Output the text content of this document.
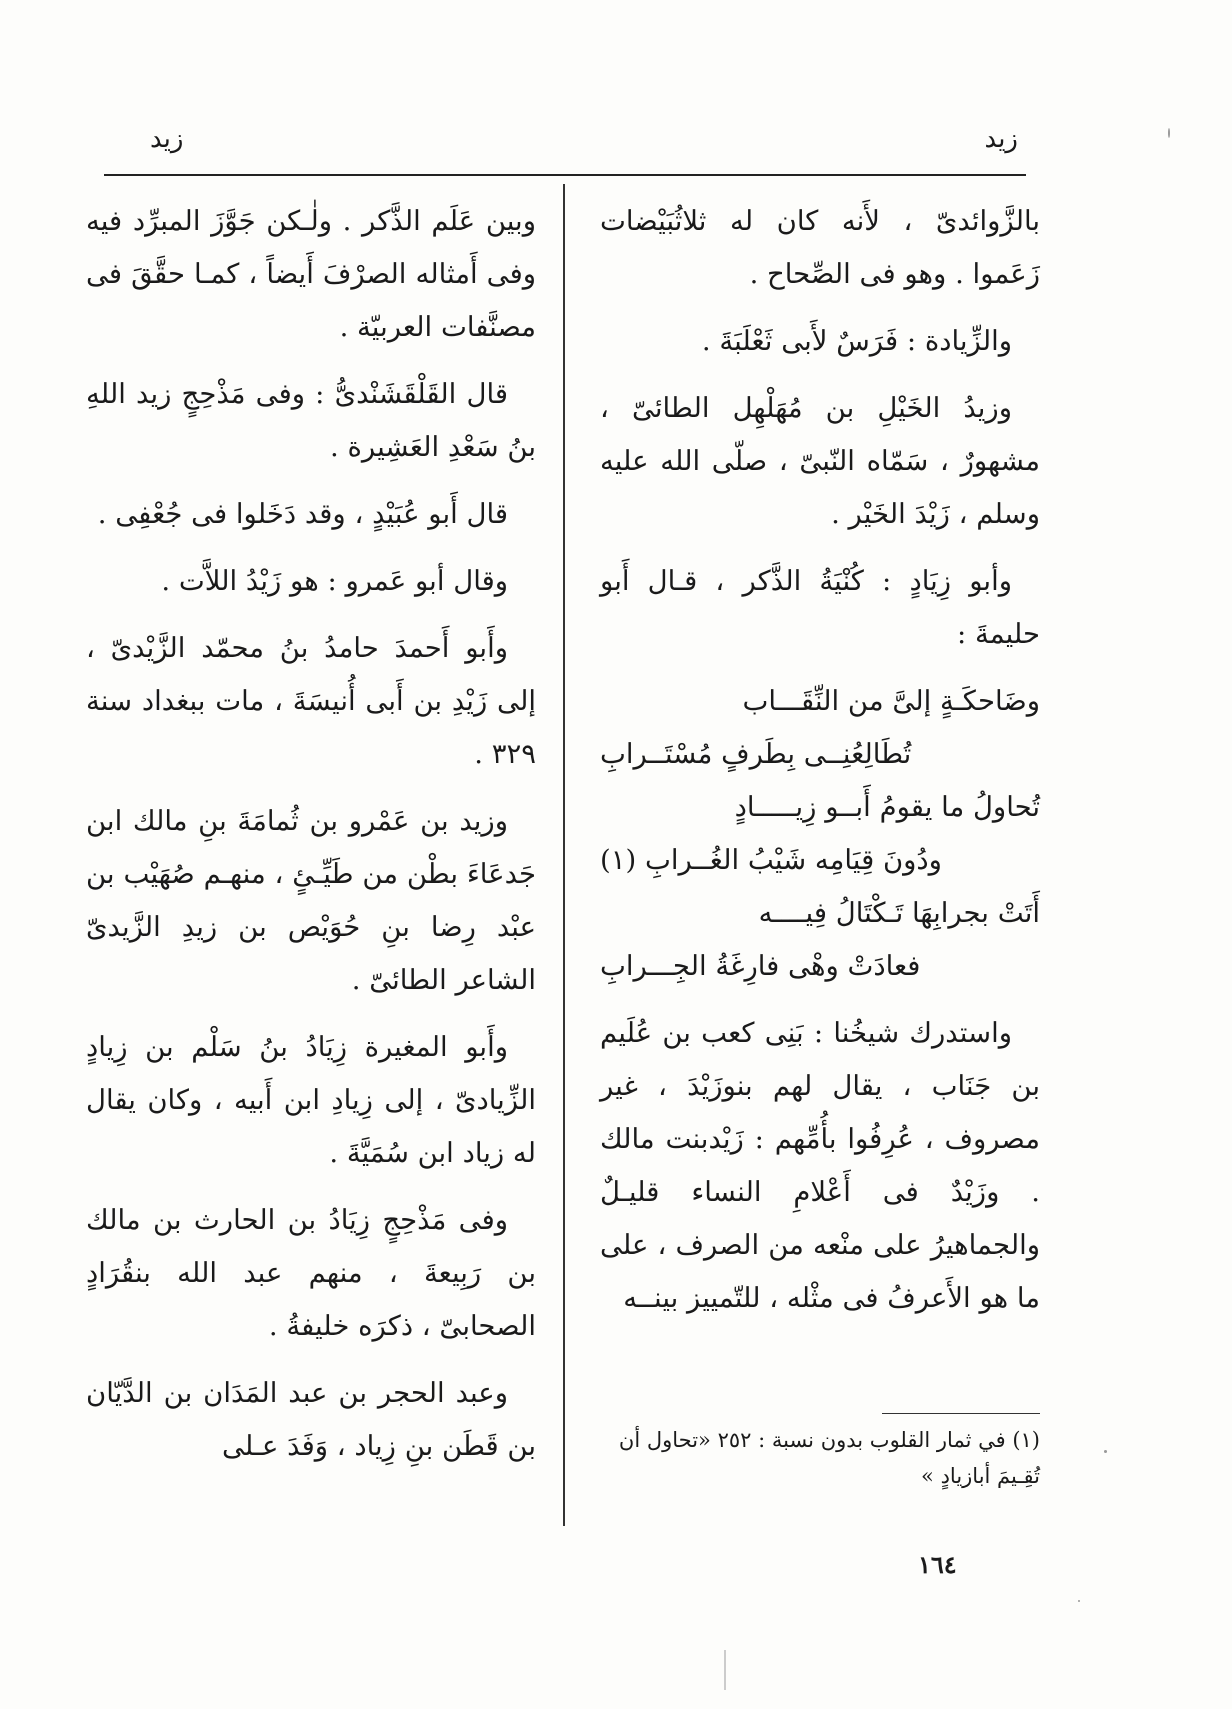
زيد
زيد

بالزَّوائدىّ ، لأَنه كان له ثلاثُبَيْضات زَعَموا . وهو فى الصِّحاح .

والزِّيادة : فَرَسٌ لأَبى ثَعْلَبَةَ .

وزيدُ الخَيْلِ بن مُهَلْهِل الطائىّ ، مشهورٌ ، سَمّاه النّبىّ ، صلّى الله عليه وسلم ، زَيْدَ الخَيْر .

وأبو زِيَادٍ : كُنْيَةُ الذَّكر ، قـال أَبو حليمةَ :

وضَاحكَـةٍ إلىَّ من النِّقَـــاب
تُطَالِعُنِــى بِطَرفٍ مُسْتَــرابِ
تُحاولُ ما يقومُ أَبــو زِيـــــادٍ
ودُونَ قِيَامِه شَيْبُ الغُــرابِ (١)
أَتَتْ بجرابِهَا تَـكْتَالُ فِيــــه
فعادَتْ وهْى فارِغَةُ الجِـــرابِ

واستدرك شيخُنا : بَنِى كعب بن عُلَيم بن جَنَاب ، يقال لهم بنوزَيْدَ ، غير مصروف ، عُرِفُوا بأُمِّهم : زَيْدبنت مالك . وزَيْدٌ فى أَعْلامِ النساء قليـلٌ والجماهيرُ على منْعه من الصرف ، على ما هو الأَعرفُ فى مثْله ، للتّمييز بينــه

وبين عَلَم الذَّكر . ولٰـكن جَوَّزَ المبرِّد فيه وفى أَمثاله الصرْفَ أَيضاً ، كمـا حقَّقَ فى مصنَّفات العربيّة .

قال القَلْقَشَنْدىُّ : وفى مَذْحِجٍ زيد اللهِ بنُ سَعْدِ العَشِيرة .

قال أَبو عُبَيْدٍ ، وقد دَخَلوا فى جُعْفِى .

وقال أبو عَمرو : هو زَيْدُ اللاَّت .

وأَبو أَحمدَ حامدُ بنُ محمّد الزَّيْدىّ ، إلى زَيْدِ بن أَبى أُنيسَةَ ، مات ببغداد سنة ٣٢٩ .

وزيد بن عَمْرو بن ثُمامَةَ بنِ مالك ابن جَدعَاءَ بطْن من طَيِّـئٍ ، منهـم صُهَيْب بن عبْد رِضا بنِ حُوَيْص بن زيدِ الزَّيدىّ الشاعر الطائىّ .

وأَبو المغيرة زِيَادُ بنُ سَلْم بن زِيادٍ الزِّيادىّ ، إلى زِيادِ ابن أَبيه ، وكان يقال له زياد ابن سُمَيَّةَ .

وفى مَذْحِجٍ زِيَادُ بن الحارث بن مالك بن رَبِيعةَ ، منهم عبد الله بنقُرَادٍ الصحابىّ ، ذكرَه خليفةُ .

وعبد الحجر بن عبد المَدَان بن الدَّيّان بن قَطَن بنِ زِياد ، وَفَدَ عـلى	(١) في ثمار القلوب بدون نسبة : ٢٥٢ «تحاول أن تُقِـيمَ أبازيادٍ »
١٦٤
